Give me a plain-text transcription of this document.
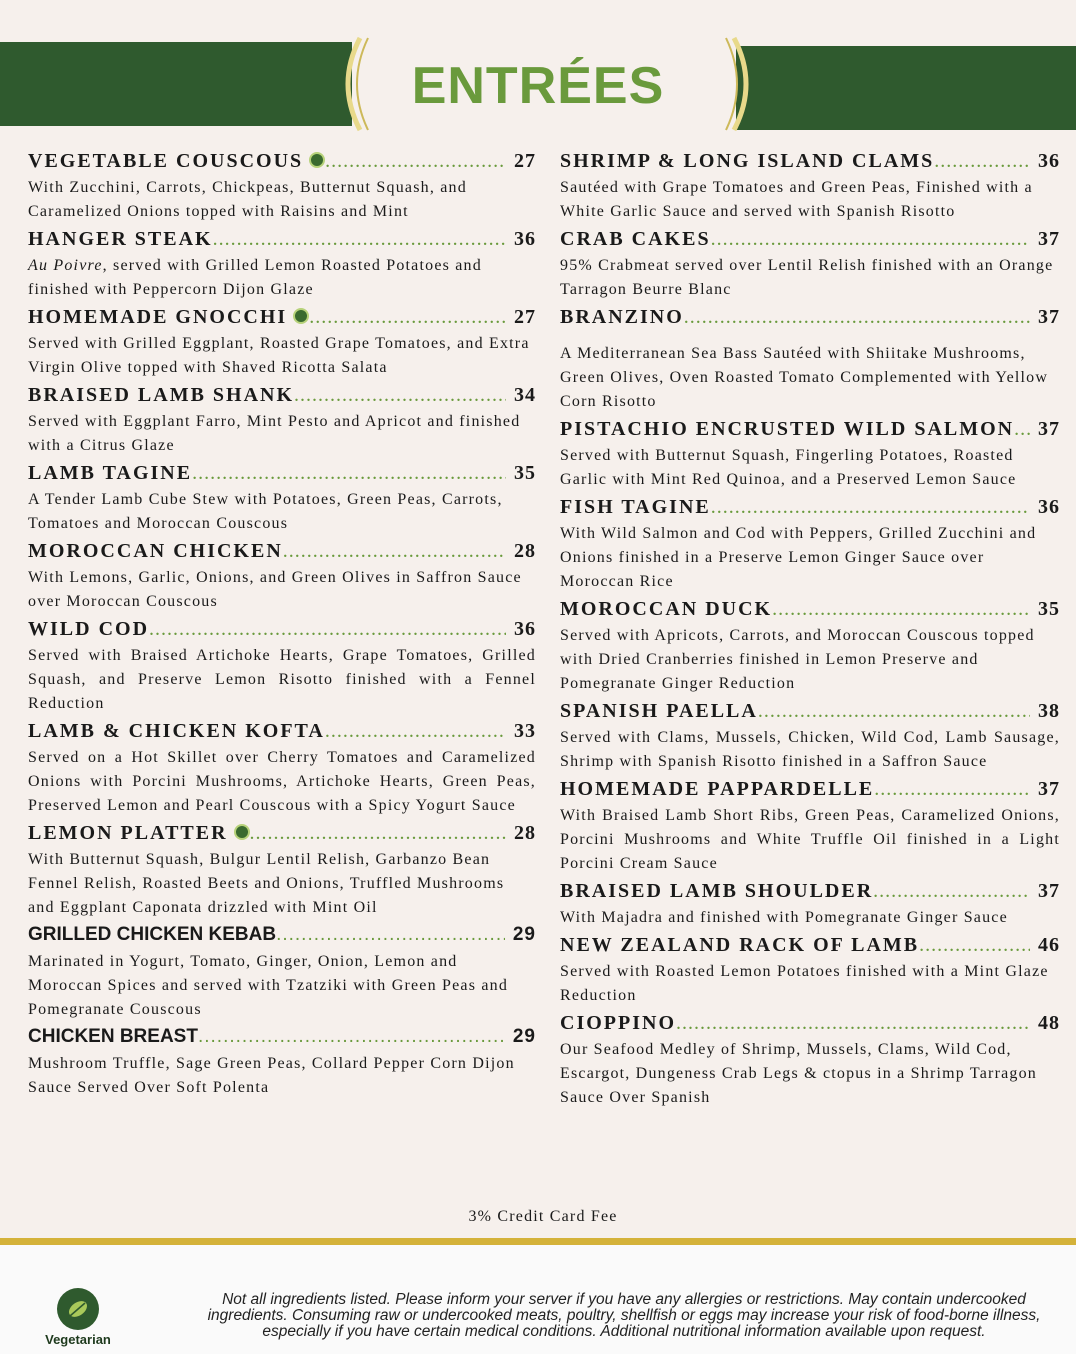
ENTRÉES
VEGETABLE COUSCOUS .....	27
With Zucchini, Carrots, Chickpeas, Butternut Squash, and Caramelized Onions topped with Raisins and Mint
HANGER STEAK .....	36
Au Poivre, served with Grilled Lemon Roasted Potatoes and finished with Peppercorn Dijon Glaze
HOMEMADE GNOCCHI .....	27
Served with Grilled Eggplant, Roasted Grape Tomatoes, and Extra Virgin Olive topped with Shaved Ricotta Salata
BRAISED LAMB SHANK .....	34
Served with Eggplant Farro, Mint Pesto and Apricot and finished with a Citrus Glaze
LAMB TAGINE .....	35
A Tender Lamb Cube Stew with Potatoes, Green Peas, Carrots, Tomatoes and Moroccan Couscous
MOROCCAN CHICKEN .....	28
With Lemons, Garlic, Onions, and Green Olives in Saffron Sauce over Moroccan Couscous
WILD COD .....	36
Served with Braised Artichoke Hearts, Grape Tomatoes, Grilled Squash, and Preserve Lemon Risotto finished with a Fennel Reduction
LAMB & CHICKEN KOFTA .....	33
Served on a Hot Skillet over Cherry Tomatoes and Caramelized Onions with Porcini Mushrooms, Artichoke Hearts, Green Peas, Preserved Lemon and Pearl Couscous with a Spicy Yogurt Sauce
LEMON PLATTER .....	28
With Butternut Squash, Bulgur Lentil Relish, Garbanzo Bean Fennel Relish, Roasted Beets and Onions, Truffled Mushrooms and Eggplant Caponata drizzled with Mint Oil
GRILLED CHICKEN KEBAB .....	29
Marinated in Yogurt, Tomato, Ginger, Onion, Lemon and Moroccan Spices and served with Tzatziki with Green Peas and Pomegranate Couscous
CHICKEN BREAST .....	29
Mushroom Truffle, Sage Green Peas, Collard Pepper Corn Dijon Sauce Served Over Soft Polenta
SHRIMP & LONG ISLAND CLAMS .....	36
Sautéed with Grape Tomatoes and Green Peas, Finished with a White Garlic Sauce and served with Spanish Risotto
CRAB CAKES .....	37
95% Crabmeat served over Lentil Relish finished with an Orange Tarragon Beurre Blanc
BRANZINO .....	37
A Mediterranean Sea Bass Sautéed with Shiitake Mushrooms, Green Olives, Oven Roasted Tomato Complemented with Yellow Corn Risotto
PISTACHIO ENCRUSTED WILD SALMON ..... 37
Served with Butternut Squash, Fingerling Potatoes, Roasted Garlic with Mint Red Quinoa, and a Preserved Lemon Sauce
FISH TAGINE .....	36
With Wild Salmon and Cod with Peppers, Grilled Zucchini and Onions finished in a Preserve Lemon Ginger Sauce over Moroccan Rice
MOROCCAN DUCK .....	35
Served with Apricots, Carrots, and Moroccan Couscous topped with Dried Cranberries finished in Lemon Preserve and Pomegranate Ginger Reduction
SPANISH PAELLA .....	38
Served with Clams, Mussels, Chicken, Wild Cod, Lamb Sausage, Shrimp with Spanish Risotto finished in a Saffron Sauce
HOMEMADE PAPPARDELLE .....	37
With Braised Lamb Short Ribs, Green Peas, Caramelized Onions, Porcini Mushrooms and White Truffle Oil finished in a Light Porcini Cream Sauce
BRAISED LAMB SHOULDER .....	37
With Majadra and finished with Pomegranate Ginger Sauce
NEW ZEALAND RACK OF LAMB .....	46
Served with Roasted Lemon Potatoes finished with a Mint Glaze Reduction
CIOPPINO .....	48
Our Seafood Medley of Shrimp, Mussels, Clams, Wild Cod, Escargot, Dungeness Crab Legs & ctopus in a Shrimp Tarragon Sauce Over Spanish
3% Credit Card Fee
Vegetarian
Not all ingredients listed. Please inform your server if you have any allergies or restrictions. May contain undercooked ingredients. Consuming raw or undercooked meats, poultry, shellfish or eggs may increase your risk of food-borne illness, especially if you have certain medical conditions. Additional nutritional information available upon request.
